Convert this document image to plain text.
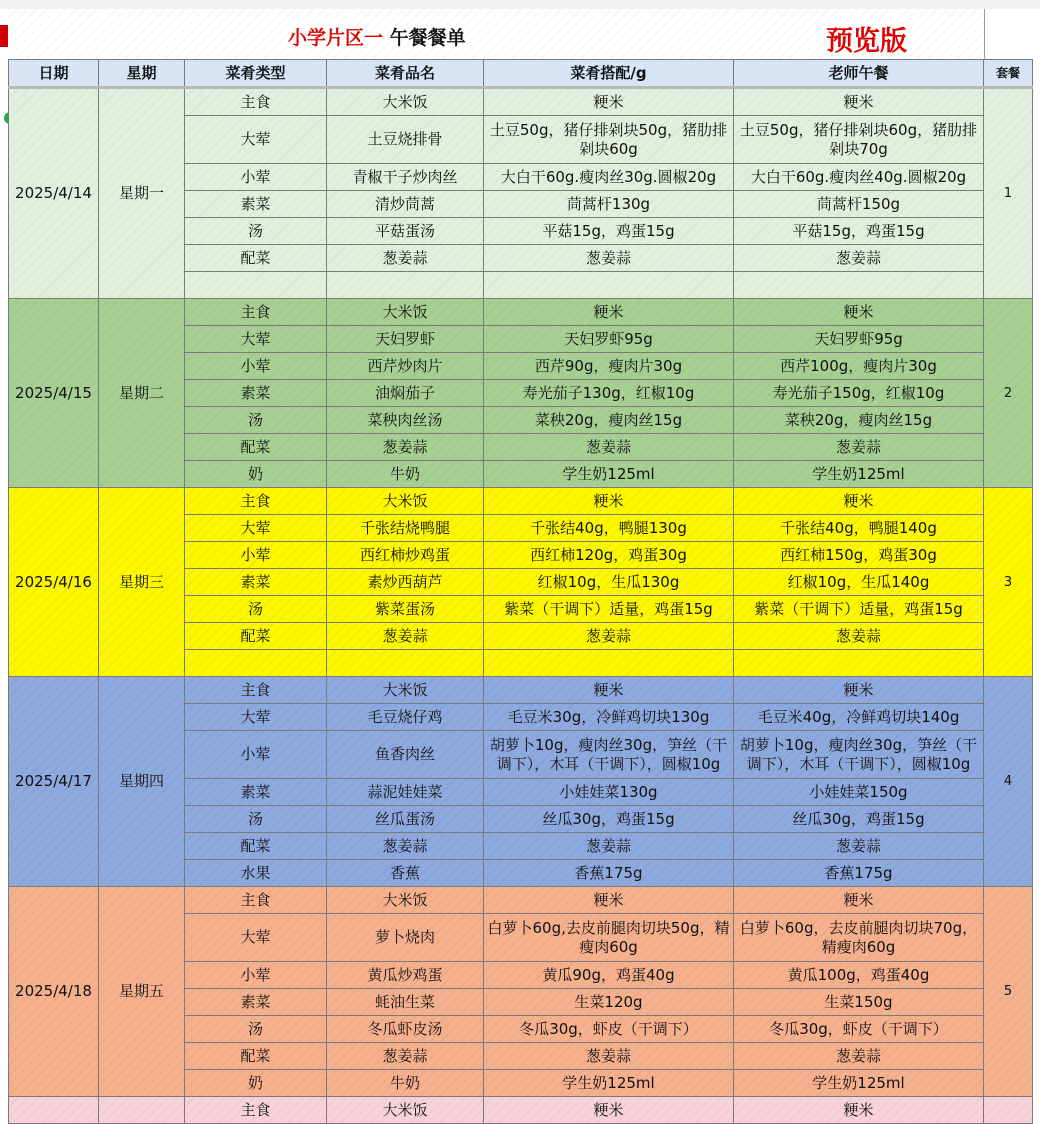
小学片区一 午餐餐单	预览版
日期	星期	菜肴类型	菜肴品名	菜肴搭配/g	老师午餐	套餐
2025/4/14	星期一	主食	大米饭	粳米	粳米	1
		大荤	土豆烧排骨	土豆50g，猪仔排剁块50g，猪肋排剁块60g	土豆50g，猪仔排剁块60g，猪肋排剁块70g	
		小荤	青椒干子炒肉丝	大白干60g.瘦肉丝30g.圆椒20g	大白干60g.瘦肉丝40g.圆椒20g	
		素菜	清炒茼蒿	茼蒿杆130g	茼蒿杆150g	
		汤	平菇蛋汤	平菇15g，鸡蛋15g	平菇15g，鸡蛋15g	
		配菜	葱姜蒜	葱姜蒜	葱姜蒜	

2025/4/15	星期二	主食	大米饭	粳米	粳米	2
		大荤	天妇罗虾	天妇罗虾95g	天妇罗虾95g	
		小荤	西芹炒肉片	西芹90g，瘦肉片30g	西芹100g，瘦肉片30g	
		素菜	油焖茄子	寿光茄子130g，红椒10g	寿光茄子150g，红椒10g	
		汤	菜秧肉丝汤	菜秧20g，瘦肉丝15g	菜秧20g，瘦肉丝15g	
		配菜	葱姜蒜	葱姜蒜	葱姜蒜	
		奶	牛奶	学生奶125ml	学生奶125ml	
2025/4/16	星期三	主食	大米饭	粳米	粳米	3
		大荤	千张结烧鸭腿	千张结40g，鸭腿130g	千张结40g，鸭腿140g	
		小荤	西红柿炒鸡蛋	西红柿120g，鸡蛋30g	西红柿150g，鸡蛋30g	
		素菜	素炒西葫芦	红椒10g，生瓜130g	红椒10g，生瓜140g	
		汤	紫菜蛋汤	紫菜（干调下）适量，鸡蛋15g	紫菜（干调下）适量，鸡蛋15g	
		配菜	葱姜蒜	葱姜蒜	葱姜蒜	

2025/4/17	星期四	主食	大米饭	粳米	粳米	4
		大荤	毛豆烧仔鸡	毛豆米30g，冷鲜鸡切块130g	毛豆米40g，冷鲜鸡切块140g	
		小荤	鱼香肉丝	胡萝卜10g，瘦肉丝30g，笋丝（干调下），木耳（干调下），圆椒10g	胡萝卜10g，瘦肉丝30g，笋丝（干调下），木耳（干调下），圆椒10g	
		素菜	蒜泥娃娃菜	小娃娃菜130g	小娃娃菜150g	
		汤	丝瓜蛋汤	丝瓜30g，鸡蛋15g	丝瓜30g，鸡蛋15g	
		配菜	葱姜蒜	葱姜蒜	葱姜蒜	
		水果	香蕉	香蕉175g	香蕉175g	
2025/4/18	星期五	主食	大米饭	粳米	粳米	5
		大荤	萝卜烧肉	白萝卜60g,去皮前腿肉切块50g，精瘦肉60g	白萝卜60g，去皮前腿肉切块70g，精瘦肉60g	
		小荤	黄瓜炒鸡蛋	黄瓜90g，鸡蛋40g	黄瓜100g，鸡蛋40g	
		素菜	蚝油生菜	生菜120g	生菜150g	
		汤	冬瓜虾皮汤	冬瓜30g，虾皮（干调下）	冬瓜30g，虾皮（干调下）	
		配菜	葱姜蒜	葱姜蒜	葱姜蒜	
		奶	牛奶	学生奶125ml	学生奶125ml	
		主食	大米饭	粳米	粳米	
